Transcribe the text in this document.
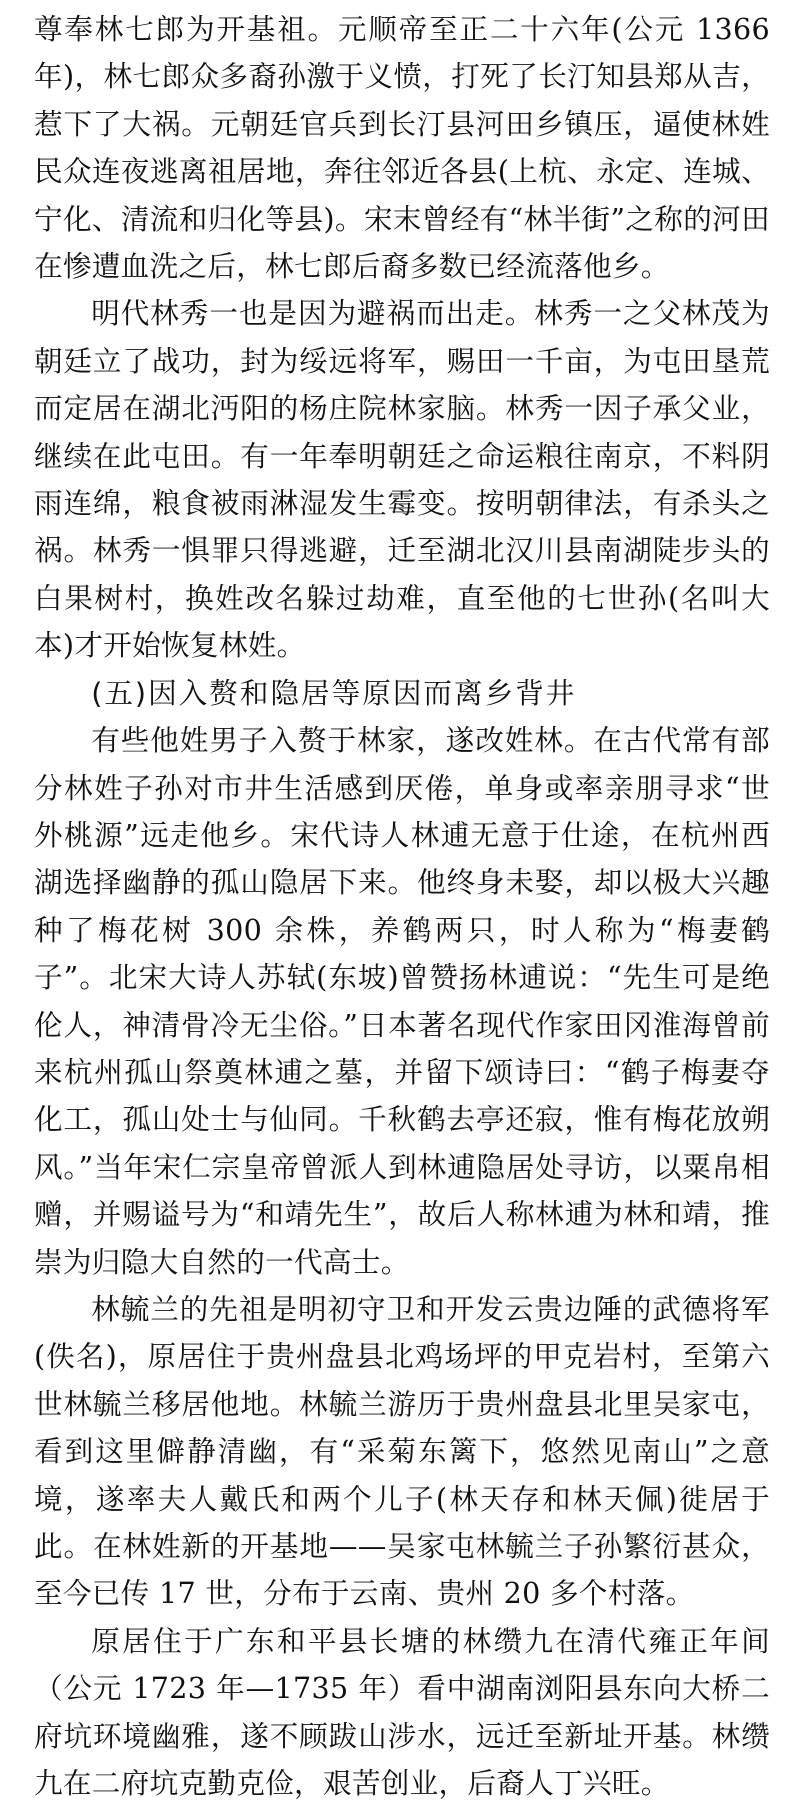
尊奉林七郎为开基祖。元顺帝至正二十六年(公元 1366 年)，林七郎众多裔孙激于义愤，打死了长汀知县郑从吉，惹下了大祸。元朝廷官兵到长汀县河田乡镇压，逼使林姓民众连夜逃离祖居地，奔往邻近各县(上杭、永定、连城、宁化、清流和归化等县)。宋末曾经有“林半街”之称的河田在惨遭血洗之后，林七郎后裔多数已经流落他乡。

明代林秀一也是因为避祸而出走。林秀一之父林茂为朝廷立了战功，封为绥远将军，赐田一千亩，为屯田垦荒而定居在湖北沔阳的杨庄院林家脑。林秀一因子承父业，继续在此屯田。有一年奉明朝廷之命运粮往南京，不料阴雨连绵，粮食被雨淋湿发生霉变。按明朝律法，有杀头之祸。林秀一惧罪只得逃避，迁至湖北汉川县南湖陡步头的白果树村，换姓改名躲过劫难，直至他的七世孙(名叫大本)才开始恢复林姓。

(五)因入赘和隐居等原因而离乡背井

有些他姓男子入赘于林家，遂改姓林。在古代常有部分林姓子孙对市井生活感到厌倦，单身或率亲朋寻求“世外桃源”远走他乡。宋代诗人林逋无意于仕途，在杭州西湖选择幽静的孤山隐居下来。他终身未娶，却以极大兴趣种了梅花树 300 余株，养鹤两只，时人称为“梅妻鹤子”。北宋大诗人苏轼(东坡)曾赞扬林逋说：“先生可是绝伦人，神清骨冷无尘俗。”日本著名现代作家田冈淮海曾前来杭州孤山祭奠林逋之墓，并留下颂诗曰：“鹤子梅妻夺化工，孤山处士与仙同。千秋鹤去亭还寂，惟有梅花放朔风。”当年宋仁宗皇帝曾派人到林逋隐居处寻访，以粟帛相赠，并赐谥号为“和靖先生”，故后人称林逋为林和靖，推崇为归隐大自然的一代高士。

林毓兰的先祖是明初守卫和开发云贵边陲的武德将军(佚名)，原居住于贵州盘县北鸡场坪的甲克岩村，至第六世林毓兰移居他地。林毓兰游历于贵州盘县北里吴家屯，看到这里僻静清幽，有“采菊东篱下，悠然见南山”之意境，遂率夫人戴氏和两个儿子(林天存和林天佩)徙居于此。在林姓新的开基地——吴家屯林毓兰子孙繁衍甚众，至今已传 17 世，分布于云南、贵州 20 多个村落。

原居住于广东和平县长塘的林缵九在清代雍正年间（公元 1723 年—1735 年）看中湖南浏阳县东向大桥二府坑环境幽雅，遂不顾跋山涉水，远迁至新址开基。林缵九在二府坑克勤克俭，艰苦创业，后裔人丁兴旺。
